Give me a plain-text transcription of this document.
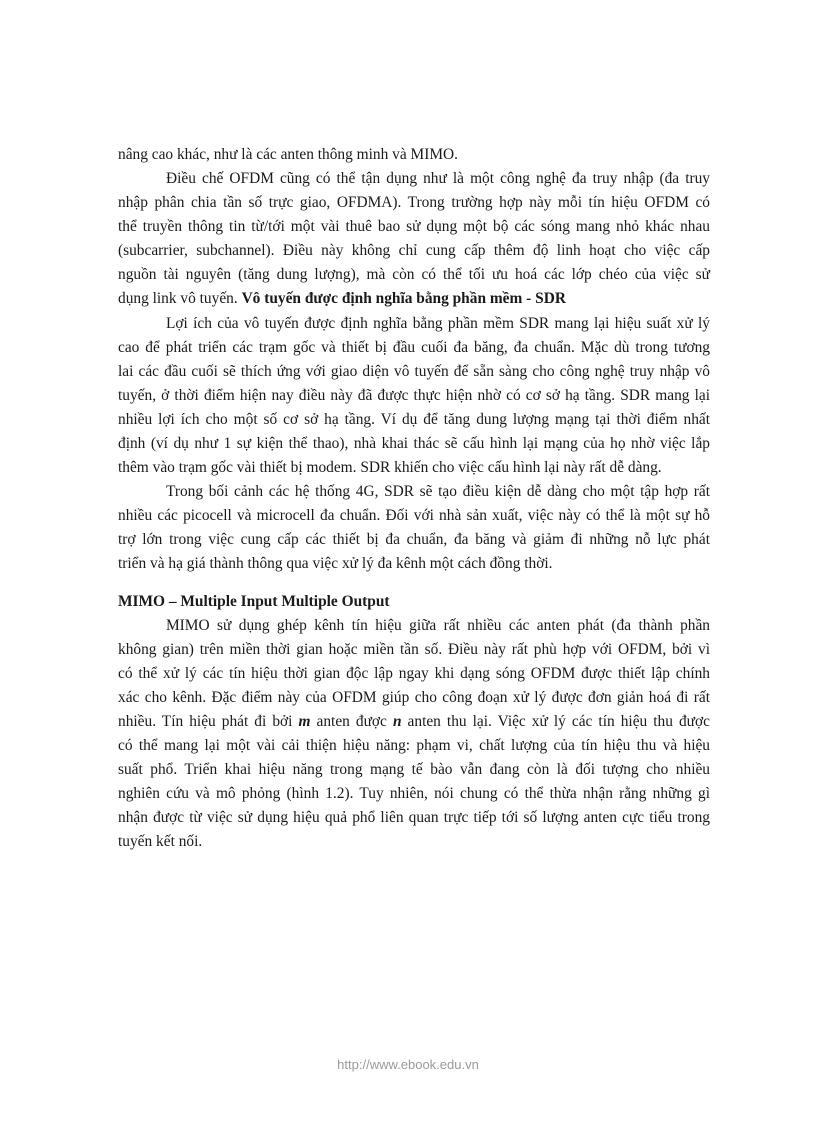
nâng cao khác, như là các anten thông minh và MIMO.
Điều chế OFDM cũng có thể tận dụng như là một công nghệ đa truy nhập (đa truy
nhập phân chia tần số trực giao, OFDMA). Trong trường hợp này mỗi tín hiệu OFDM có
thể truyền thông tin từ/tới một vài thuê bao sử dụng một bộ các sóng mang nhỏ khác nhau
(subcarrier, subchannel). Điều này không chỉ cung cấp thêm độ linh hoạt cho việc cấp
nguồn tài nguyên (tăng dung lượng), mà còn có thể tối ưu hoá các lớp chéo của việc sử
dụng link vô tuyến. Vô tuyến được định nghĩa bằng phần mềm - SDR
Lợi ích của vô tuyến được định nghĩa bằng phần mềm SDR mang lại hiệu suất xử lý
cao để phát triển các trạm gốc và thiết bị đầu cuối đa băng, đa chuẩn. Mặc dù trong tương
lai các đầu cuối sẽ thích ứng với giao diện vô tuyến để sẵn sàng cho công nghệ truy nhập vô
tuyến, ở thời điểm hiện nay điều này đã được thực hiện nhờ có cơ sở hạ tầng. SDR mang lại
nhiều lợi ích cho một số cơ sở hạ tầng. Ví dụ để tăng dung lượng mạng tại thời điểm nhất
định (ví dụ như 1 sự kiện thể thao), nhà khai thác sẽ cấu hình lại mạng của họ nhờ việc lắp
thêm vào trạm gốc vài thiết bị modem. SDR khiến cho việc cấu hình lại này rất dễ dàng.
Trong bối cảnh các hệ thống 4G, SDR sẽ tạo điều kiện dễ dàng cho một tập hợp rất
nhiều các picocell và microcell đa chuẩn. Đối với nhà sản xuất, việc này có thể là một sự hỗ
trợ lớn trong việc cung cấp các thiết bị đa chuẩn, đa băng và giảm đi những nỗ lực phát
triển và hạ giá thành thông qua việc xử lý đa kênh một cách đồng thời.
MIMO – Multiple Input Multiple Output
MIMO sử dụng ghép kênh tín hiệu giữa rất nhiều các anten phát (đa thành phần
không gian) trên miền thời gian hoặc miền tần số. Điều này rất phù hợp với OFDM, bởi vì
có thể xử lý các tín hiệu thời gian độc lập ngay khi dạng sóng OFDM được thiết lập chính
xác cho kênh. Đặc điểm này của OFDM giúp cho công đoạn xử lý được đơn giản hoá đi rất
nhiều. Tín hiệu phát đi bởi m anten được n anten thu lại. Việc xử lý các tín hiệu thu được
có thể mang lại một vài cải thiện hiệu năng: phạm vi, chất lượng của tín hiệu thu và hiệu
suất phổ. Triển khai hiệu năng trong mạng tế bào vẫn đang còn là đối tượng cho nhiều
nghiên cứu và mô phỏng (hình 1.2). Tuy nhiên, nói chung có thể thừa nhận rằng những gì
nhận được từ việc sử dụng hiệu quả phổ liên quan trực tiếp tới số lượng anten cực tiểu trong
tuyến kết nối.
http://www.ebook.edu.vn
